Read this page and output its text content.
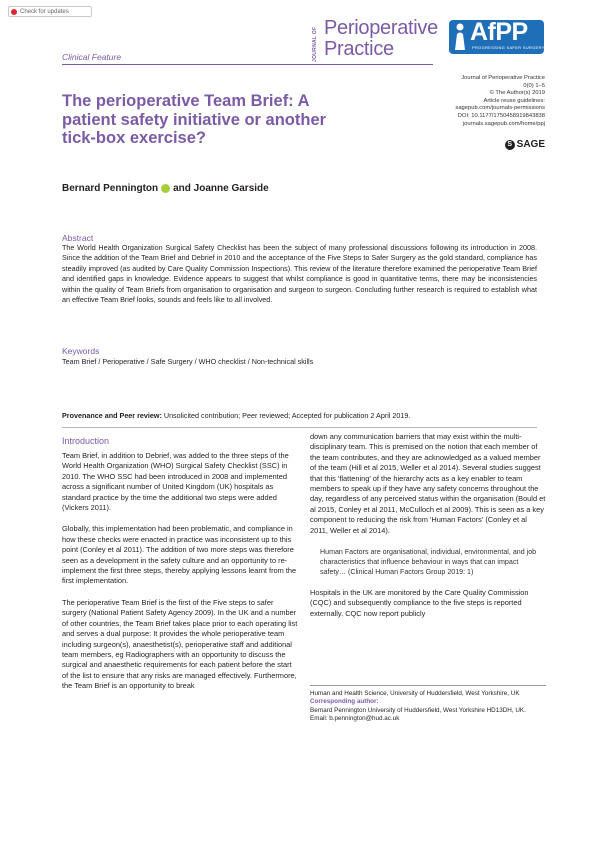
Check for updates
JOURNAL OF Perioperative
Practice
AfPP
PROGRESSING SAFER SURGERY
Clinical Feature
Journal of Perioperative Practice
0(0) 1–5
© The Author(s) 2019
Article reuse guidelines:
sagepub.com/journals-permissions
DOI: 10.1177/1750458919843838
journals.sagepub.com/home/ppj
S SAGE
The perioperative Team Brief: A patient safety initiative or another tick-box exercise?
Bernard Pennington and Joanne Garside
Abstract
The World Health Organization Surgical Safety Checklist has been the subject of many professional discussions following its introduction in 2008. Since the addition of the Team Brief and Debrief in 2010 and the acceptance of the Five Steps to Safer Surgery as the gold standard, compliance has steadily improved (as audited by Care Quality Commission Inspections). This review of the literature therefore examined the perioperative Team Brief and identified gaps in knowledge. Evidence appears to suggest that whilst compliance is good in quantitative terms, there may be inconsistencies within the quality of Team Briefs from organisation to organisation and surgeon to surgeon. Concluding further research is required to establish what an effective Team Brief looks, sounds and feels like to all involved.
Keywords
Team Brief / Perioperative / Safe Surgery / WHO checklist / Non-technical skills
Provenance and Peer review: Unsolicited contribution; Peer reviewed; Accepted for publication 2 April 2019.
Introduction

Team Brief, in addition to Debrief, was added to the three steps of the World Health Organization (WHO) Surgical Safety Checklist (SSC) in 2010. The WHO SSC had been introduced in 2008 and implemented across a significant number of United Kingdom (UK) hospitals as standard practice by the time the additional two steps were added (Vickers 2011).

Globally, this implementation had been problematic, and compliance in how these checks were enacted in practice was inconsistent up to this point (Conley et al 2011). The addition of two more steps was therefore seen as a development in the safety culture and an opportunity to re-implement the first three steps, thereby applying lessons learnt from the first implementation.

The perioperative Team Brief is the first of the Five steps to safer surgery (National Patient Safety Agency 2009). In the UK and a number of other countries, the Team Brief takes place prior to each operating list and serves a dual purpose: It provides the whole perioperative team including surgeon(s), anaesthetist(s), perioperative staff and additional team members, eg Radiographers with an opportunity to discuss the surgical and anaesthetic requirements for each patient before the start of the list to ensure that any risks are managed effectively. Furthermore, the Team Brief is an opportunity to break

down any communication barriers that may exist within the multi-disciplinary team. This is premised on the notion that each member of the team contributes, and they are acknowledged as a valued member of the team (Hill et al 2015, Weller et al 2014). Several studies suggest that this 'flattening' of the hierarchy acts as a key enabler to team members to speak up if they have any safety concerns throughout the day, regardless of any perceived status within the organisation (Bould et al 2015, Conley et al 2011, McCulloch et al 2009). This is seen as a key component to reducing the risk from 'Human Factors' (Conley et al 2011, Weller et al 2014).

Human Factors are organisational, individual, environmental, and job characteristics that influence behaviour in ways that can impact safety… (Clinical Human Factors Group 2019: 1)

Hospitals in the UK are monitored by the Care Quality Commission (CQC) and subsequently compliance to the five steps is reported externally. CQC now report publicly

Human and Health Science, University of Huddersfield, West Yorkshire, UK
Corresponding author:
Bernard Pennington University of Huddersfield, West Yorkshire HD13DH, UK.
Email: b.pennington@hud.ac.uk
